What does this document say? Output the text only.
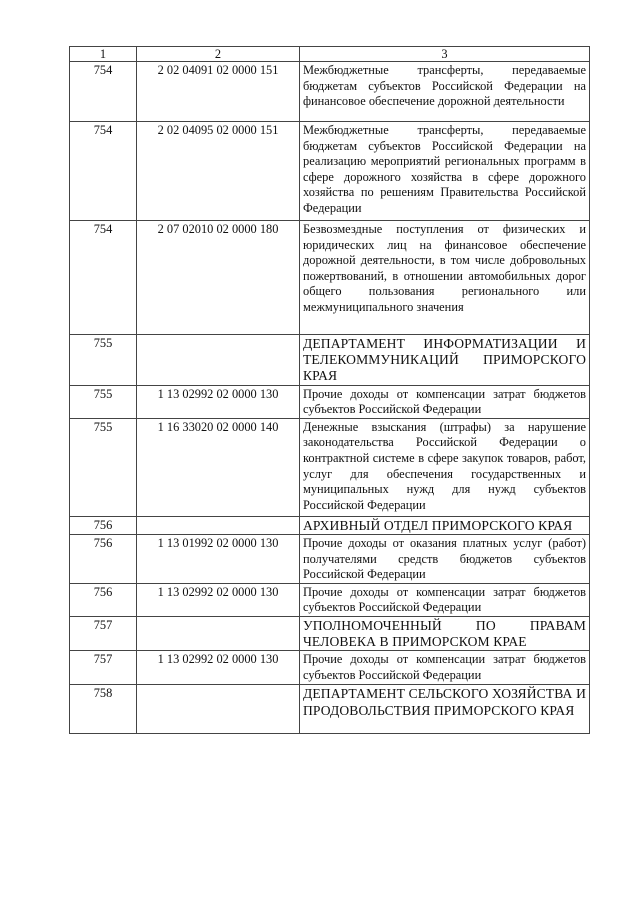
1	2	3
754	2 02 04091 02 0000 151	Межбюджетные трансферты, передаваемые бюджетам субъектов Российской Федерации на финансовое обеспечение дорожной деятельности
754	2 02 04095 02 0000 151	Межбюджетные трансферты, передаваемые бюджетам субъектов Российской Федерации на реализацию мероприятий региональных программ в сфере дорожного хозяйства в сфере дорожного хозяйства по решениям Правительства Российской Федерации
754	2 07 02010 02 0000 180	Безвозмездные поступления от физических и юридических лиц на финансовое обеспечение дорожной деятельности, в том числе добровольных пожертвований, в отношении автомобильных дорог общего пользования регионального или межмуниципального значения
755		ДЕПАРТАМЕНТ ИНФОРМАТИЗАЦИИ И ТЕЛЕКОММУНИКАЦИЙ ПРИМОРСКОГО КРАЯ
755	1 13 02992 02 0000 130	Прочие доходы от компенсации затрат бюджетов субъектов Российской Федерации
755	1 16 33020 02 0000 140	Денежные взыскания (штрафы) за нарушение законодательства Российской Федерации о контрактной системе в сфере закупок товаров, работ, услуг для обеспечения государственных и муниципальных нужд для нужд субъектов Российской Федерации
756		АРХИВНЫЙ ОТДЕЛ ПРИМОРСКОГО КРАЯ
756	1 13 01992 02 0000 130	Прочие доходы от оказания платных услуг (работ) получателями средств бюджетов субъектов Российской Федерации
756	1 13 02992 02 0000 130	Прочие доходы от компенсации затрат бюджетов субъектов Российской Федерации
757		УПОЛНОМОЧЕННЫЙ ПО ПРАВАМ ЧЕЛОВЕКА В ПРИМОРСКОМ КРАЕ
757	1 13 02992 02 0000 130	Прочие доходы от компенсации затрат бюджетов субъектов Российской Федерации
758		ДЕПАРТАМЕНТ СЕЛЬСКОГО ХОЗЯЙСТВА И ПРОДОВОЛЬСТВИЯ ПРИМОРСКОГО КРАЯ
